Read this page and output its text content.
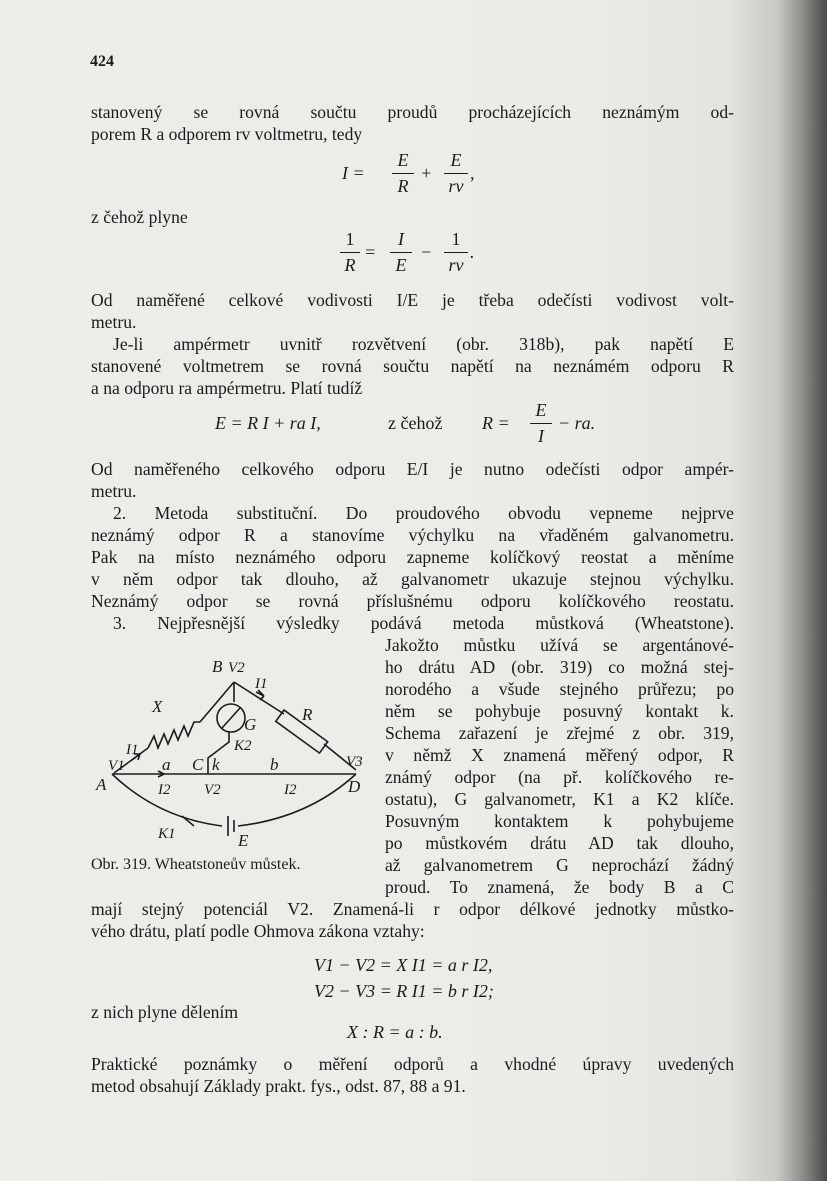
424
stanovený se rovná součtu proudů procházejících neznámým od-
porem R a odporem rv voltmetru, tedy
I =
E
R
+
E
rv
,
z čehož plyne
1
R
=
I
E
−
1
rv
.
Od naměřené celkové vodivosti I/E je třeba odečísti vodivost volt-
metru.
Je-li ampérmetr uvnitř rozvětvení (obr. 318b), pak napětí E
stanovené voltmetrem se rovná součtu napětí na neznámém odporu R
a na odporu ra ampérmetru. Platí tudíž
E = R I + ra I,	z čehož R =
E
I
− ra.
Od naměřeného celkového odporu E/I je nutno odečísti odpor ampér-
metru.
2. Metoda substituční. Do proudového obvodu vepneme nejprve
neznámý odpor R a stanovíme výchylku na vřaděném galvanometru.
Pak na místo neznámého odporu zapneme kolíčkový reostat a měníme
v něm odpor tak dlouho, až galvanometr ukazuje stejnou výchylku.
Neznámý odpor se rovná příslušnému odporu kolíčkového reostatu.
3. Nejpřesnější výsledky podává metoda můstková (Wheatstone).
Jakožto můstku užívá se argentánové-
ho drátu AD (obr. 319) co možná stej-
norodého a všude stejného průřezu; po
něm se pohybuje posuvný kontakt k.
Schema zařazení je zřejmé z obr. 319,
v němž X znamená měřený odpor, R
známý odpor (na př. kolíčkového re-
ostatu), G galvanometr, K1 a K2 klíče.
Posuvným kontaktem k pohybujeme
po můstkovém drátu AD tak dlouho,
až galvanometrem G neprochází žádný
proud. To znamená, že body B a C
B V2
I1
X
G
R
K2
I1
A
V1 a C k	b	V3
D
I2 V2	I2
K1	E
Obr. 319. Wheatstoneův můstek.
mají stejný potenciál V2. Znamená-li r odpor délkové jednotky můstko-
vého drátu, platí podle Ohmova zákona vztahy:
V1 − V2 = X I1 = a r I2,
V2 − V3 = R I1 = b r I2;
z nich plyne dělením
X : R = a : b.
Praktické poznámky o měření odporů a vhodné úpravy uvedených
metod obsahují Základy prakt. fys., odst. 87, 88 a 91.
